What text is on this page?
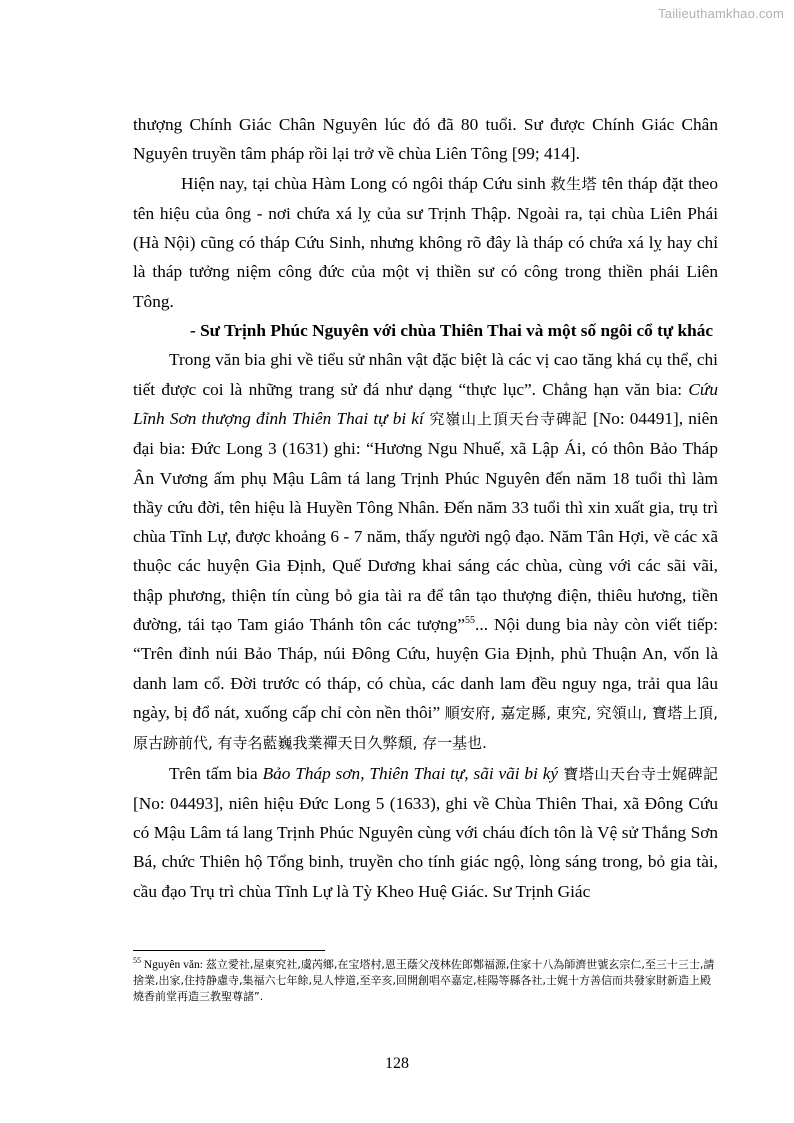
Tailieuthamkhao.com

thượng Chính Giác Chân Nguyên lúc đó đã 80 tuổi. Sư được Chính Giác Chân Nguyên truyền tâm pháp rồi lại trở về chùa Liên Tông [99; 414].

Hiện nay, tại chùa Hàm Long có ngôi tháp Cứu sinh 救生塔 tên tháp đặt theo tên hiệu của ông - nơi chứa xá lỵ của sư Trịnh Thập. Ngoài ra, tại chùa Liên Phái (Hà Nội) cũng có tháp Cứu Sinh, nhưng không rõ đây là tháp có chứa xá lỵ hay chỉ là tháp tưởng niệm công đức của một vị thiền sư có công trong thiền phái Liên Tông.

- Sư Trịnh Phúc Nguyên với chùa Thiên Thai và một số ngôi cổ tự khác

Trong văn bia ghi về tiểu sử nhân vật đặc biệt là các vị cao tăng khá cụ thể, chi tiết được coi là những trang sử đá như dạng “thực lục”. Chẳng hạn văn bia: Cứu Lĩnh Sơn thượng đỉnh Thiên Thai tự bi kí 究嶺山上頂天台寺碑記 [No: 04491], niên đại bia: Đức Long 3 (1631) ghi: “Hương Ngu Nhuế, xã Lập Ái, có thôn Bảo Tháp Ân Vương ấm phụ Mậu Lâm tá lang Trịnh Phúc Nguyên đến năm 18 tuổi thì làm thầy cứu đời, tên hiệu là Huyền Tông Nhân. Đến năm 33 tuổi thì xin xuất gia, trụ trì chùa Tĩnh Lự, được khoảng 6 - 7 năm, thấy người ngộ đạo. Năm Tân Hợi, về các xã thuộc các huyện Gia Định, Quế Dương khai sáng các chùa, cùng với các sãi vãi, thập phương, thiện tín cùng bỏ gia tài ra để tân tạo thượng điện, thiêu hương, tiền đường, tái tạo Tam giáo Thánh tôn các tượng”$^{55}$... Nội dung bia này còn viết tiếp: “Trên đỉnh núi Bảo Tháp, núi Đông Cứu, huyện Gia Định, phủ Thuận An, vốn là danh lam cổ. Đời trước có tháp, có chùa, các danh lam đều nguy nga, trải qua lâu ngày, bị đổ nát, xuống cấp chỉ còn nền thôi” 順安府, 嘉定縣, 東究, 究領山, 寶塔上頂, 原古跡前代, 有寺名藍巍我業禪天日久弊頹, 存一基也.

Trên tấm bia Bảo Tháp sơn, Thiên Thai tự, sãi vãi bi ký 寶塔山天台寺士娓碑記 [No: 04493], niên hiệu Đức Long 5 (1633), ghi về Chùa Thiên Thai, xã Đông Cứu có Mậu Lâm tá lang Trịnh Phúc Nguyên cùng với cháu đích tôn là Vệ sử Thắng Sơn Bá, chức Thiên hộ Tổng binh, truyền cho tính giác ngộ, lòng sáng trong, bỏ gia tài, cầu đạo Trụ trì chùa Tĩnh Lự là Tỳ Kheo Huệ Giác. Sư Trịnh Giác

$^{55}$ Nguyên văn: 茲立愛社,屋東究社,虞芮鄉,在宝塔村,恩王蔭父茂林佐郎鄭福源,住家十八為師濟世號玄宗仁,至三十三士,請捨業,出家,住持静慮寺,集福六七年餘,見人悖道,至辛亥,回開創唱卒嘉定,桂陽等縣各社,士娓十方善信而共發家財新造上殿燒香前堂再造三教聖尊諸”.
128
